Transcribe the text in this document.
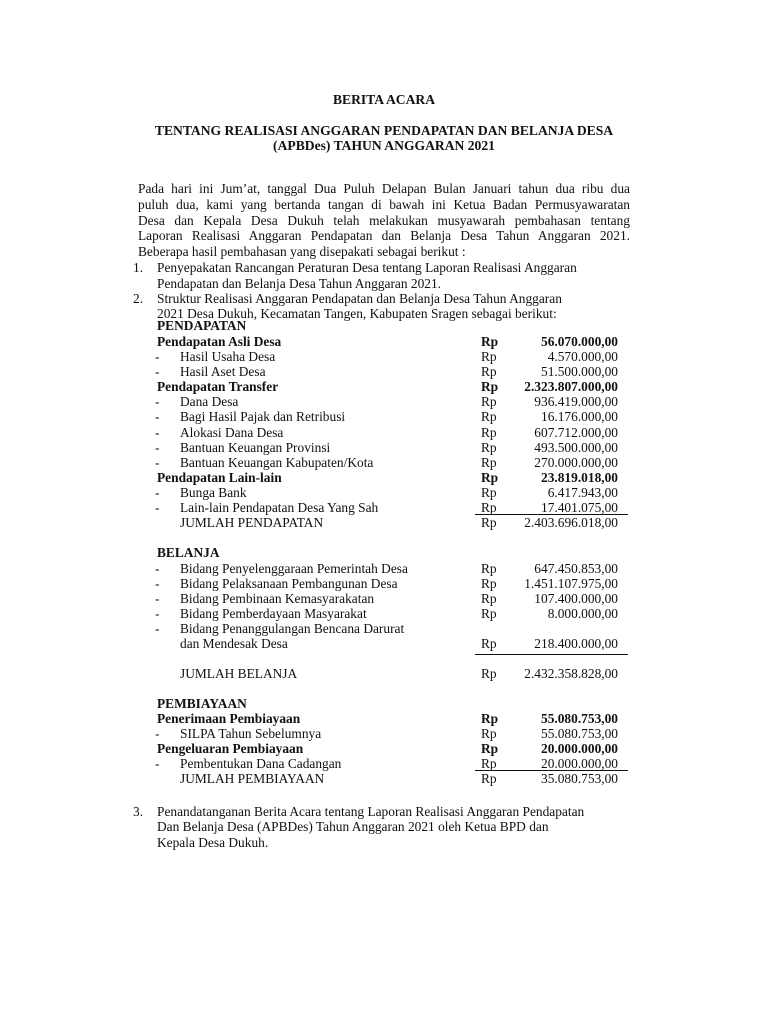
BERITA ACARA
TENTANG REALISASI ANGGARAN PENDAPATAN DAN BELANJA DESA
(APBDes) TAHUN ANGGARAN 2021
Pada hari ini Jum’at, tanggal Dua Puluh Delapan Bulan Januari tahun dua ribu dua
puluh dua, kami yang bertanda tangan di bawah ini Ketua Badan Permusyawaratan
Desa dan Kepala Desa Dukuh telah melakukan musyawarah pembahasan tentang
Laporan Realisasi Anggaran Pendapatan dan Belanja Desa Tahun Anggaran 2021.
Beberapa hasil pembahasan yang disepakati sebagai berikut :
1. Penyepakatan Rancangan Peraturan Desa tentang Laporan Realisasi Anggaran
Pendapatan dan Belanja Desa Tahun Anggaran 2021.
2. Struktur Realisasi Anggaran Pendapatan dan Belanja Desa Tahun Anggaran
2021 Desa Dukuh, Kecamatan Tangen, Kabupaten Sragen sebagai berikut:
PENDAPATAN
Pendapatan Asli Desa	Rp	56.070.000,00
- Hasil Usaha Desa	Rp	4.570.000,00
- Hasil Aset Desa	Rp	51.500.000,00
Pendapatan Transfer	Rp 2.323.807.000,00
- Dana Desa	Rp	936.419.000,00
- Bagi Hasil Pajak dan Retribusi	Rp	16.176.000,00
- Alokasi Dana Desa	Rp	607.712.000,00
- Bantuan Keuangan Provinsi	Rp	493.500.000,00
- Bantuan Keuangan Kabupaten/Kota	Rp	270.000.000,00
Pendapatan Lain-lain	Rp	23.819.018,00
- Bunga Bank	Rp	6.417.943,00
- Lain-lain Pendapatan Desa Yang Sah	Rp	17.401.075,00
JUMLAH PENDAPATAN	Rp 2.403.696.018,00
BELANJA
- Bidang Penyelenggaraan Pemerintah Desa	Rp	647.450.853,00
- Bidang Pelaksanaan Pembangunan Desa	Rp 1.451.107.975,00
- Bidang Pembinaan Kemasyarakatan	Rp	107.400.000,00
- Bidang Pemberdayaan Masyarakat	Rp	8.000.000,00
- Bidang Penanggulangan Bencana Darurat
dan Mendesak Desa	Rp	218.400.000,00
JUMLAH BELANJA	Rp 2.432.358.828,00
PEMBIAYAAN
Penerimaan Pembiayaan	Rp	55.080.753,00
- SILPA Tahun Sebelumnya	Rp	55.080.753,00
Pengeluaran Pembiayaan	Rp	20.000.000,00
- Pembentukan Dana Cadangan	Rp	20.000.000,00
JUMLAH PEMBIAYAAN	Rp	35.080.753,00
3. Penandatanganan Berita Acara tentang Laporan Realisasi Anggaran Pendapatan
Dan Belanja Desa (APBDes) Tahun Anggaran 2021 oleh Ketua BPD dan
Kepala Desa Dukuh.
